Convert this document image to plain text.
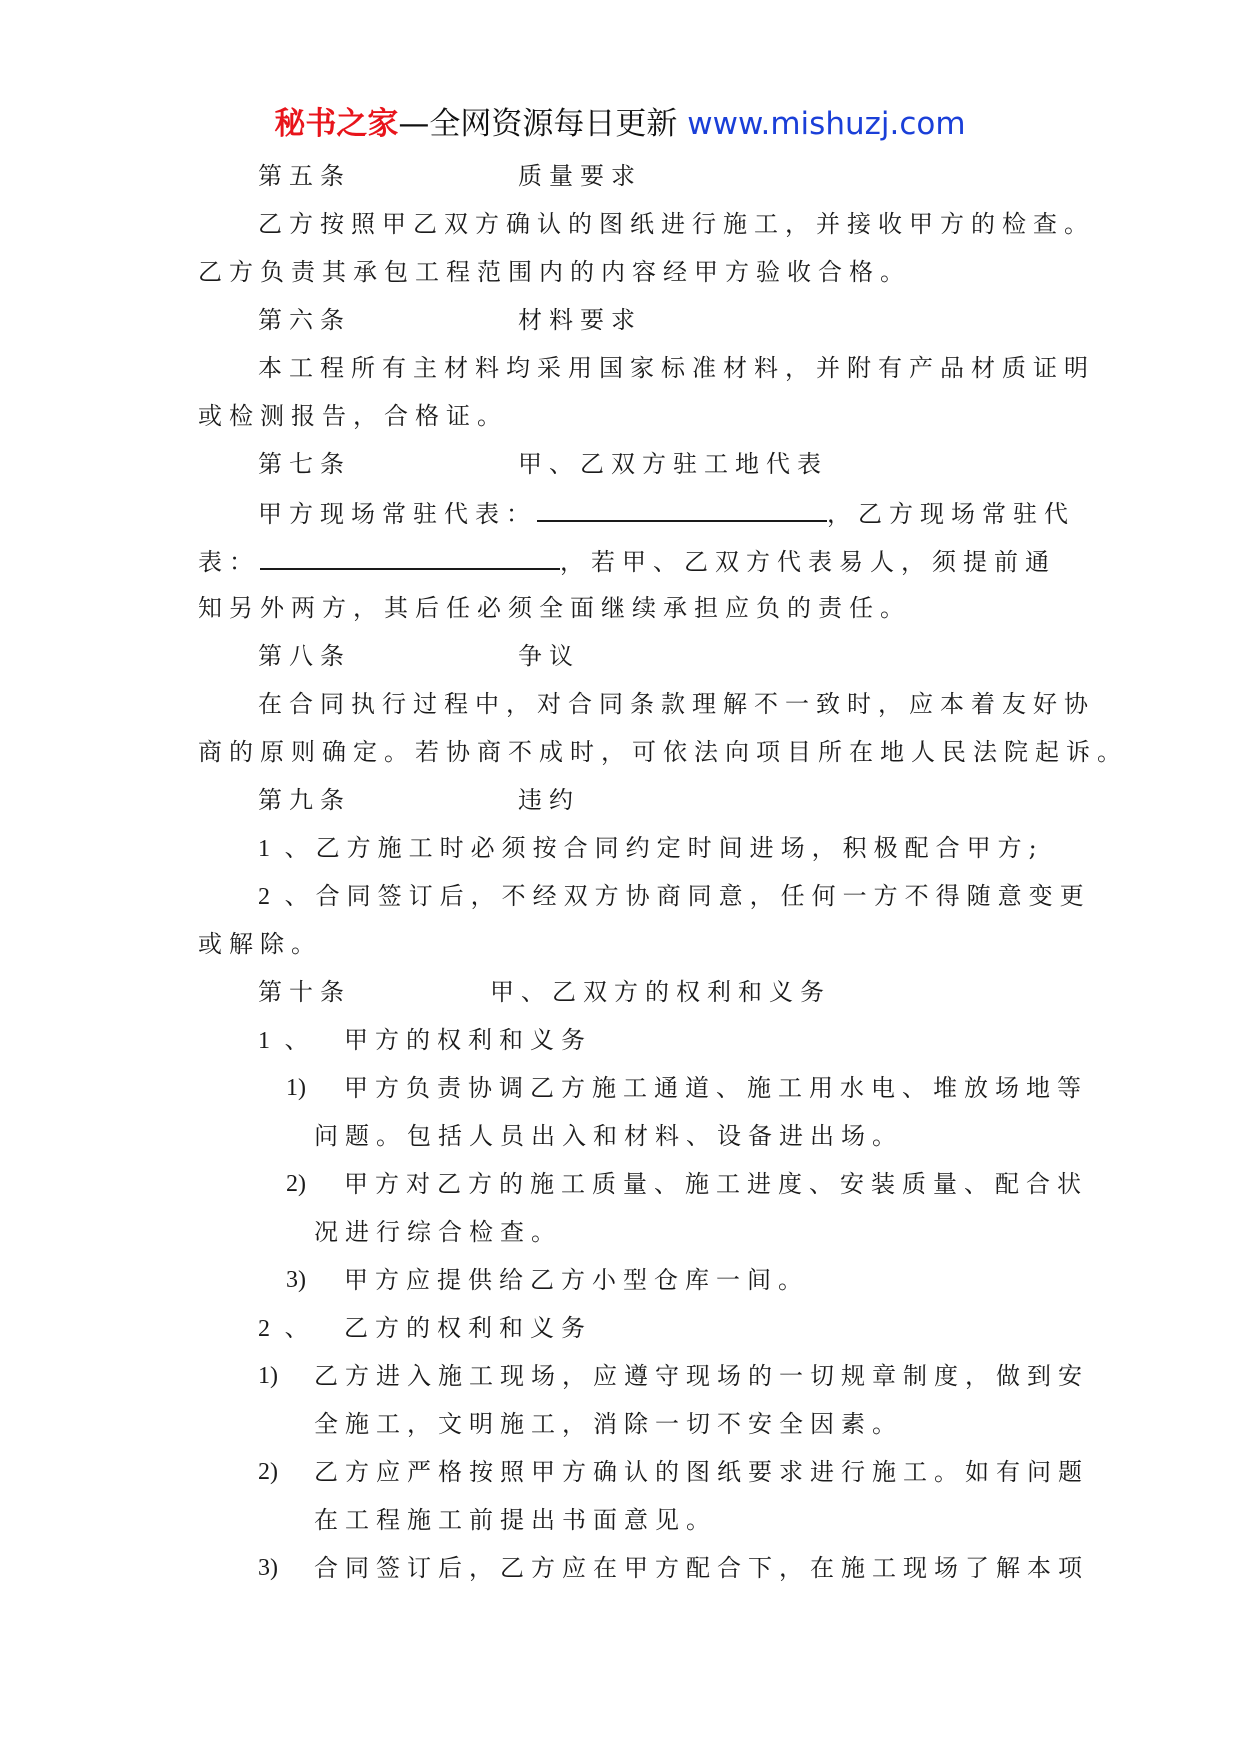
秘书之家—全网资源每日更新 www.mishuzj.com
第五条	质量要求
乙方按照甲乙双方确认的图纸进行施工，并接收甲方的检查。
乙方负责其承包工程范围内的内容经甲方验收合格。
第六条	材料要求
本工程所有主材料均采用国家标准材料，并附有产品材质证明
或检测报告，合格证。
第七条	甲、乙双方驻工地代表
甲方现场常驻代表：	，乙方现场常驻代
表：	，若甲、乙双方代表易人，须提前通
知另外两方，其后任必须全面继续承担应负的责任。
第八条	争议
在合同执行过程中，对合同条款理解不一致时，应本着友好协
商的原则确定。若协商不成时，可依法向项目所在地人民法院起诉。
第九条	违约
1 、乙方施工时必须按合同约定时间进场，积极配合甲方;
2 、合同签订后，不经双方协商同意，任何一方不得随意变更
或解除。
第十条	甲、乙双方的权利和义务
1 、 甲方的权利和义务
1) 甲方负责协调乙方施工通道、施工用水电、堆放场地等
问题。包括人员出入和材料、设备进出场。
2) 甲方对乙方的施工质量、施工进度、安装质量、配合状
况进行综合检查。
3) 甲方应提供给乙方小型仓库一间。
2 、 乙方的权利和义务
1) 乙方进入施工现场，应遵守现场的一切规章制度，做到安
全施工，文明施工，消除一切不安全因素。
2) 乙方应严格按照甲方确认的图纸要求进行施工。如有问题
在工程施工前提出书面意见。
3) 合同签订后，乙方应在甲方配合下，在施工现场了解本项
